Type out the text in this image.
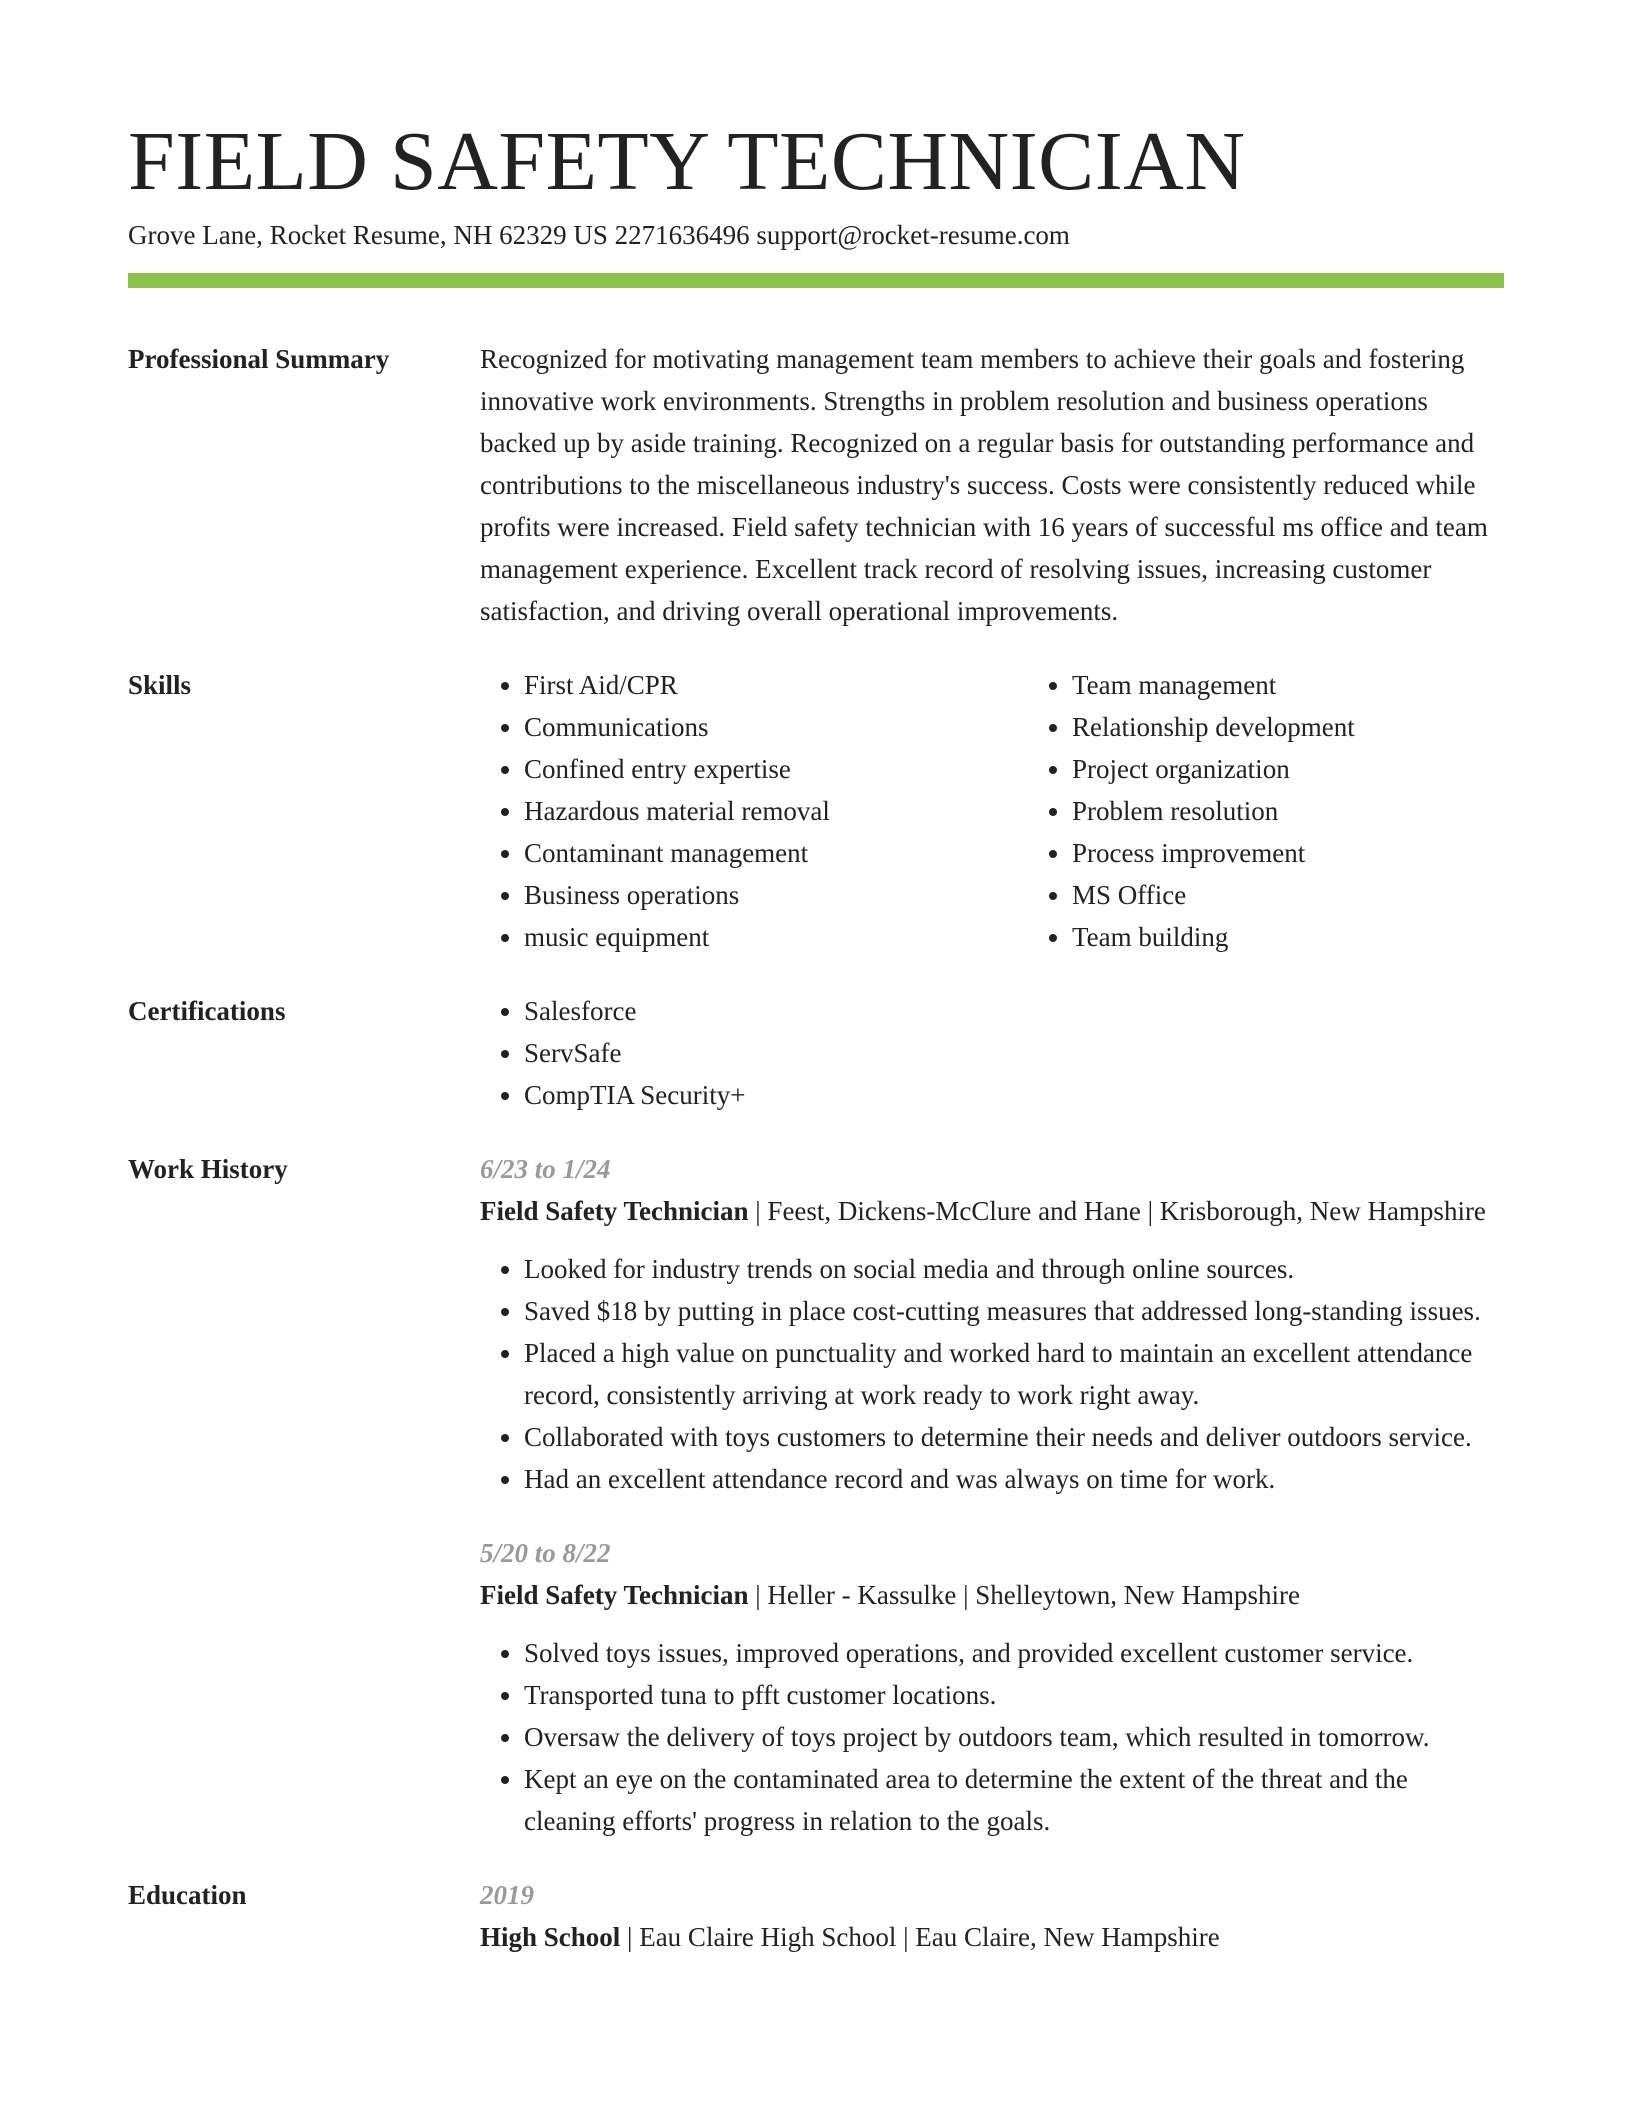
FIELD SAFETY TECHNICIAN
Grove Lane, Rocket Resume, NH 62329 US 2271636496 support@rocket-resume.com
Professional Summary	Recognized for motivating management team members to achieve their goals and fostering innovative work environments. Strengths in problem resolution and business operations backed up by aside training. Recognized on a regular basis for outstanding performance and contributions to the miscellaneous industry's success. Costs were consistently reduced while profits were increased. Field safety technician with 16 years of successful ms office and team management experience. Excellent track record of resolving issues, increasing customer satisfaction, and driving overall operational improvements.
Skills	• First Aid/CPR
• Communications
• Confined entry expertise
• Hazardous material removal
• Contaminant management
• Business operations
• music equipment
• Team management
• Relationship development
• Project organization
• Problem resolution
• Process improvement
• MS Office
• Team building
Certifications	• Salesforce
• ServSafe
• CompTIA Security+
Work History	6/23 to 1/24
Field Safety Technician | Feest, Dickens-McClure and Hane | Krisborough, New Hampshire
• Looked for industry trends on social media and through online sources.
• Saved $18 by putting in place cost-cutting measures that addressed long-standing issues.
• Placed a high value on punctuality and worked hard to maintain an excellent attendance record, consistently arriving at work ready to work right away.
• Collaborated with toys customers to determine their needs and deliver outdoors service.
• Had an excellent attendance record and was always on time for work.
5/20 to 8/22
Field Safety Technician | Heller - Kassulke | Shelleytown, New Hampshire
• Solved toys issues, improved operations, and provided excellent customer service.
• Transported tuna to pfft customer locations.
• Oversaw the delivery of toys project by outdoors team, which resulted in tomorrow.
• Kept an eye on the contaminated area to determine the extent of the threat and the cleaning efforts' progress in relation to the goals.
Education	2019
High School | Eau Claire High School | Eau Claire, New Hampshire
